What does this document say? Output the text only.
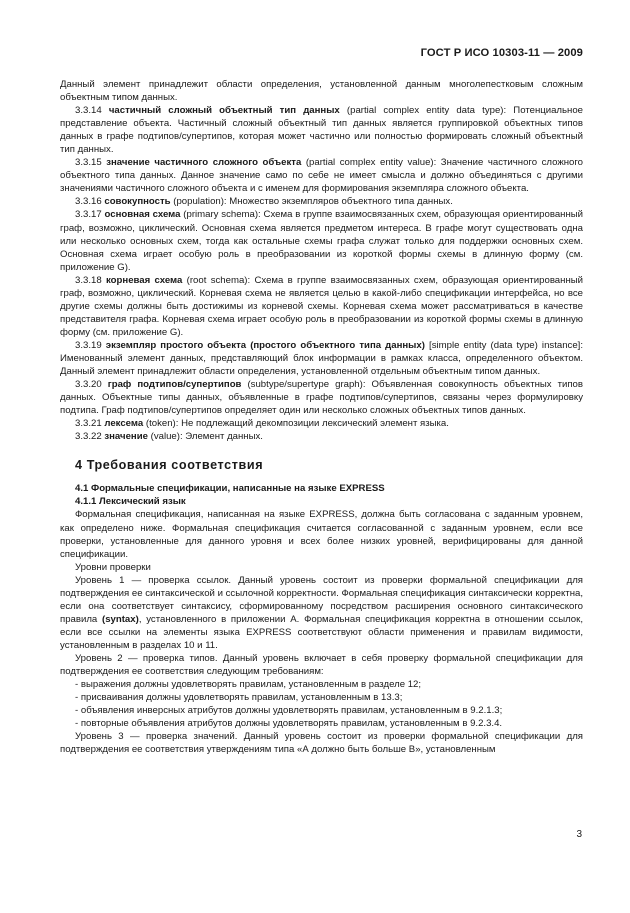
ГОСТ Р ИСО 10303-11 — 2009

Данный элемент принадлежит области определения, установленной данным многолепестковым сложным объектным типом данных.

3.3.14 частичный сложный объектный тип данных (partial complex entity data type): Потенциальное представление объекта. Частичный сложный объектный тип данных является группировкой объектных типов данных в графе подтипов/супертипов, которая может частично или полностью формировать сложный объектный тип данных.

3.3.15 значение частичного сложного объекта (partial complex entity value): Значение частичного сложного объектного типа данных. Данное значение само по себе не имеет смысла и должно объединяться с другими значениями частичного сложного объекта и с именем для формирования экземпляра сложного объекта.

3.3.16 совокупность (population): Множество экземпляров объектного типа данных.

3.3.17 основная схема (primary schema): Схема в группе взаимосвязанных схем, образующая ориентированный граф, возможно, циклический. Основная схема является предметом интереса. В графе могут существовать одна или несколько основных схем, тогда как остальные схемы графа служат только для поддержки основных схем. Основная схема играет особую роль в преобразовании из короткой формы схемы в длинную форму (см. приложение G).

3.3.18 корневая схема (root schema): Схема в группе взаимосвязанных схем, образующая ориентированный граф, возможно, циклический. Корневая схема не является целью в какой-либо спецификации интерфейса, но все другие схемы должны быть достижимы из корневой схемы. Корневая схема может рассматриваться в качестве представителя графа. Корневая схема играет особую роль в преобразовании из короткой формы схемы в длинную форму (см. приложение G).

3.3.19 экземпляр простого объекта (простого объектного типа данных) [simple entity (data type) instance]: Именованный элемент данных, представляющий блок информации в рамках класса, определенного объектом. Данный элемент принадлежит области определения, установленной отдельным объектным типом данных.

3.3.20 граф подтипов/супертипов (subtype/supertype graph): Объявленная совокупность объектных типов данных. Объектные типы данных, объявленные в графе подтипов/супертипов, связаны через формулировку подтипа. Граф подтипов/супертипов определяет один или несколько сложных объектных типов данных.

3.3.21 лексема (token): Не подлежащий декомпозиции лексический элемент языка.

3.3.22 значение (value): Элемент данных.

4 Требования соответствия

4.1 Формальные спецификации, написанные на языке EXPRESS

4.1.1 Лексический язык

Формальная спецификация, написанная на языке EXPRESS, должна быть согласована с заданным уровнем, как определено ниже. Формальная спецификация считается согласованной с заданным уровнем, если все проверки, установленные для данного уровня и всех более низких уровней, верифицированы для данной спецификации.

Уровни проверки

Уровень 1 — проверка ссылок. Данный уровень состоит из проверки формальной спецификации для подтверждения ее синтаксической и ссылочной корректности. Формальная спецификация синтаксически корректна, если она соответствует синтаксису, сформированному посредством расширения основного синтаксического правила (syntax), установленного в приложении А. Формальная спецификация корректна в отношении ссылок, если все ссылки на элементы языка EXPRESS соответствуют области применения и правилам видимости, установленным в разделах 10 и 11.

Уровень 2 — проверка типов. Данный уровень включает в себя проверку формальной спецификации для подтверждения ее соответствия следующим требованиям:

- выражения должны удовлетворять правилам, установленным в разделе 12;

- присваивания должны удовлетворять правилам, установленным в 13.3;

- объявления инверсных атрибутов должны удовлетворять правилам, установленным в 9.2.1.3;

- повторные объявления атрибутов должны удовлетворять правилам, установленным в 9.2.3.4.

Уровень 3 — проверка значений. Данный уровень состоит из проверки формальной спецификации для подтверждения ее соответствия утверждениям типа «А должно быть больше В», установленным

3
